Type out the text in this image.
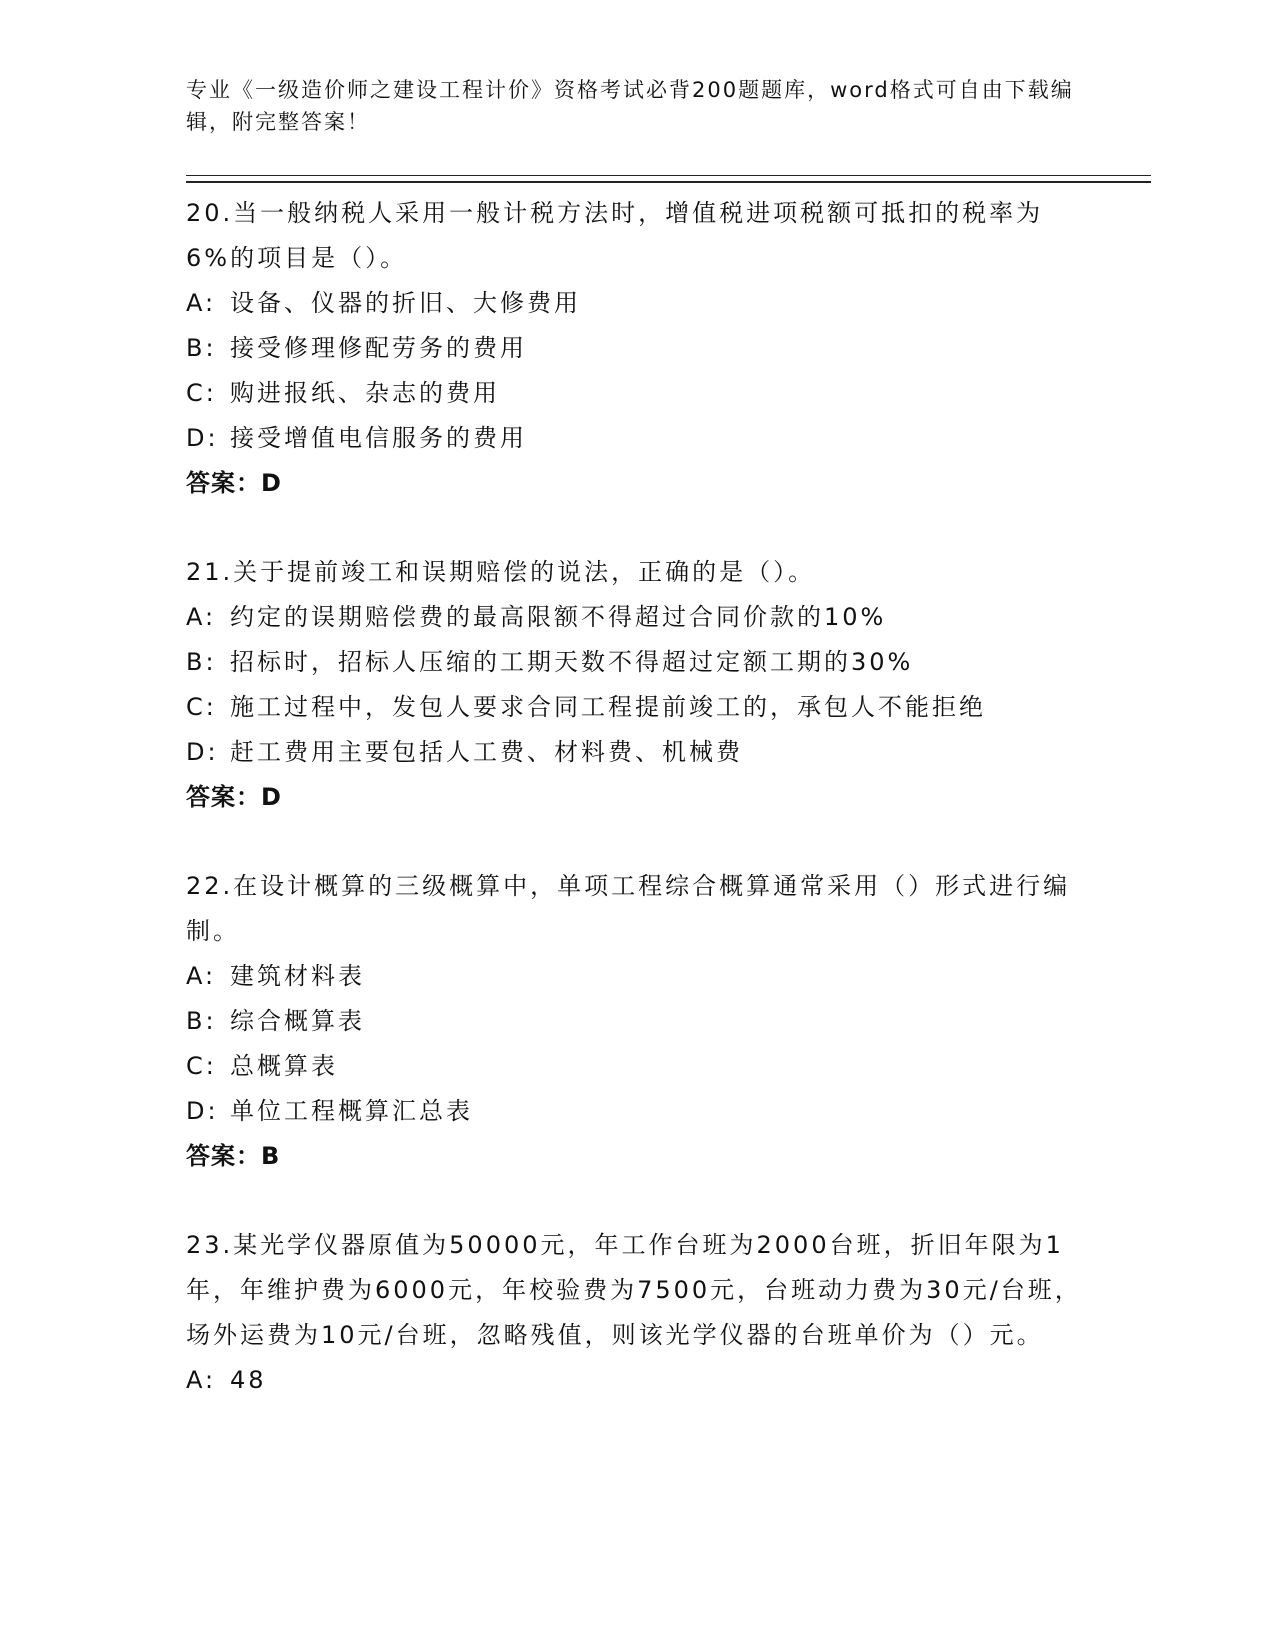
专业《一级造价师之建设工程计价》资格考试必背200题题库，word格式可自由下载编辑，附完整答案！
20.当一般纳税人采用一般计税方法时，增值税进项税额可抵扣的税率为6%的项目是（）。
A: 设备、仪器的折旧、大修费用
B: 接受修理修配劳务的费用
C: 购进报纸、杂志的费用
D: 接受增值电信服务的费用
答案：D
21.关于提前竣工和误期赔偿的说法，正确的是（）。
A: 约定的误期赔偿费的最高限额不得超过合同价款的10%
B: 招标时，招标人压缩的工期天数不得超过定额工期的30%
C: 施工过程中，发包人要求合同工程提前竣工的，承包人不能拒绝
D: 赶工费用主要包括人工费、材料费、机械费
答案：D
22.在设计概算的三级概算中，单项工程综合概算通常采用（）形式进行编制。
A: 建筑材料表
B: 综合概算表
C: 总概算表
D: 单位工程概算汇总表
答案：B
23.某光学仪器原值为50000元，年工作台班为2000台班，折旧年限为1年，年维护费为6000元，年校验费为7500元，台班动力费为30元/台班，场外运费为10元/台班，忽略残值，则该光学仪器的台班单价为（）元。
A: 48
